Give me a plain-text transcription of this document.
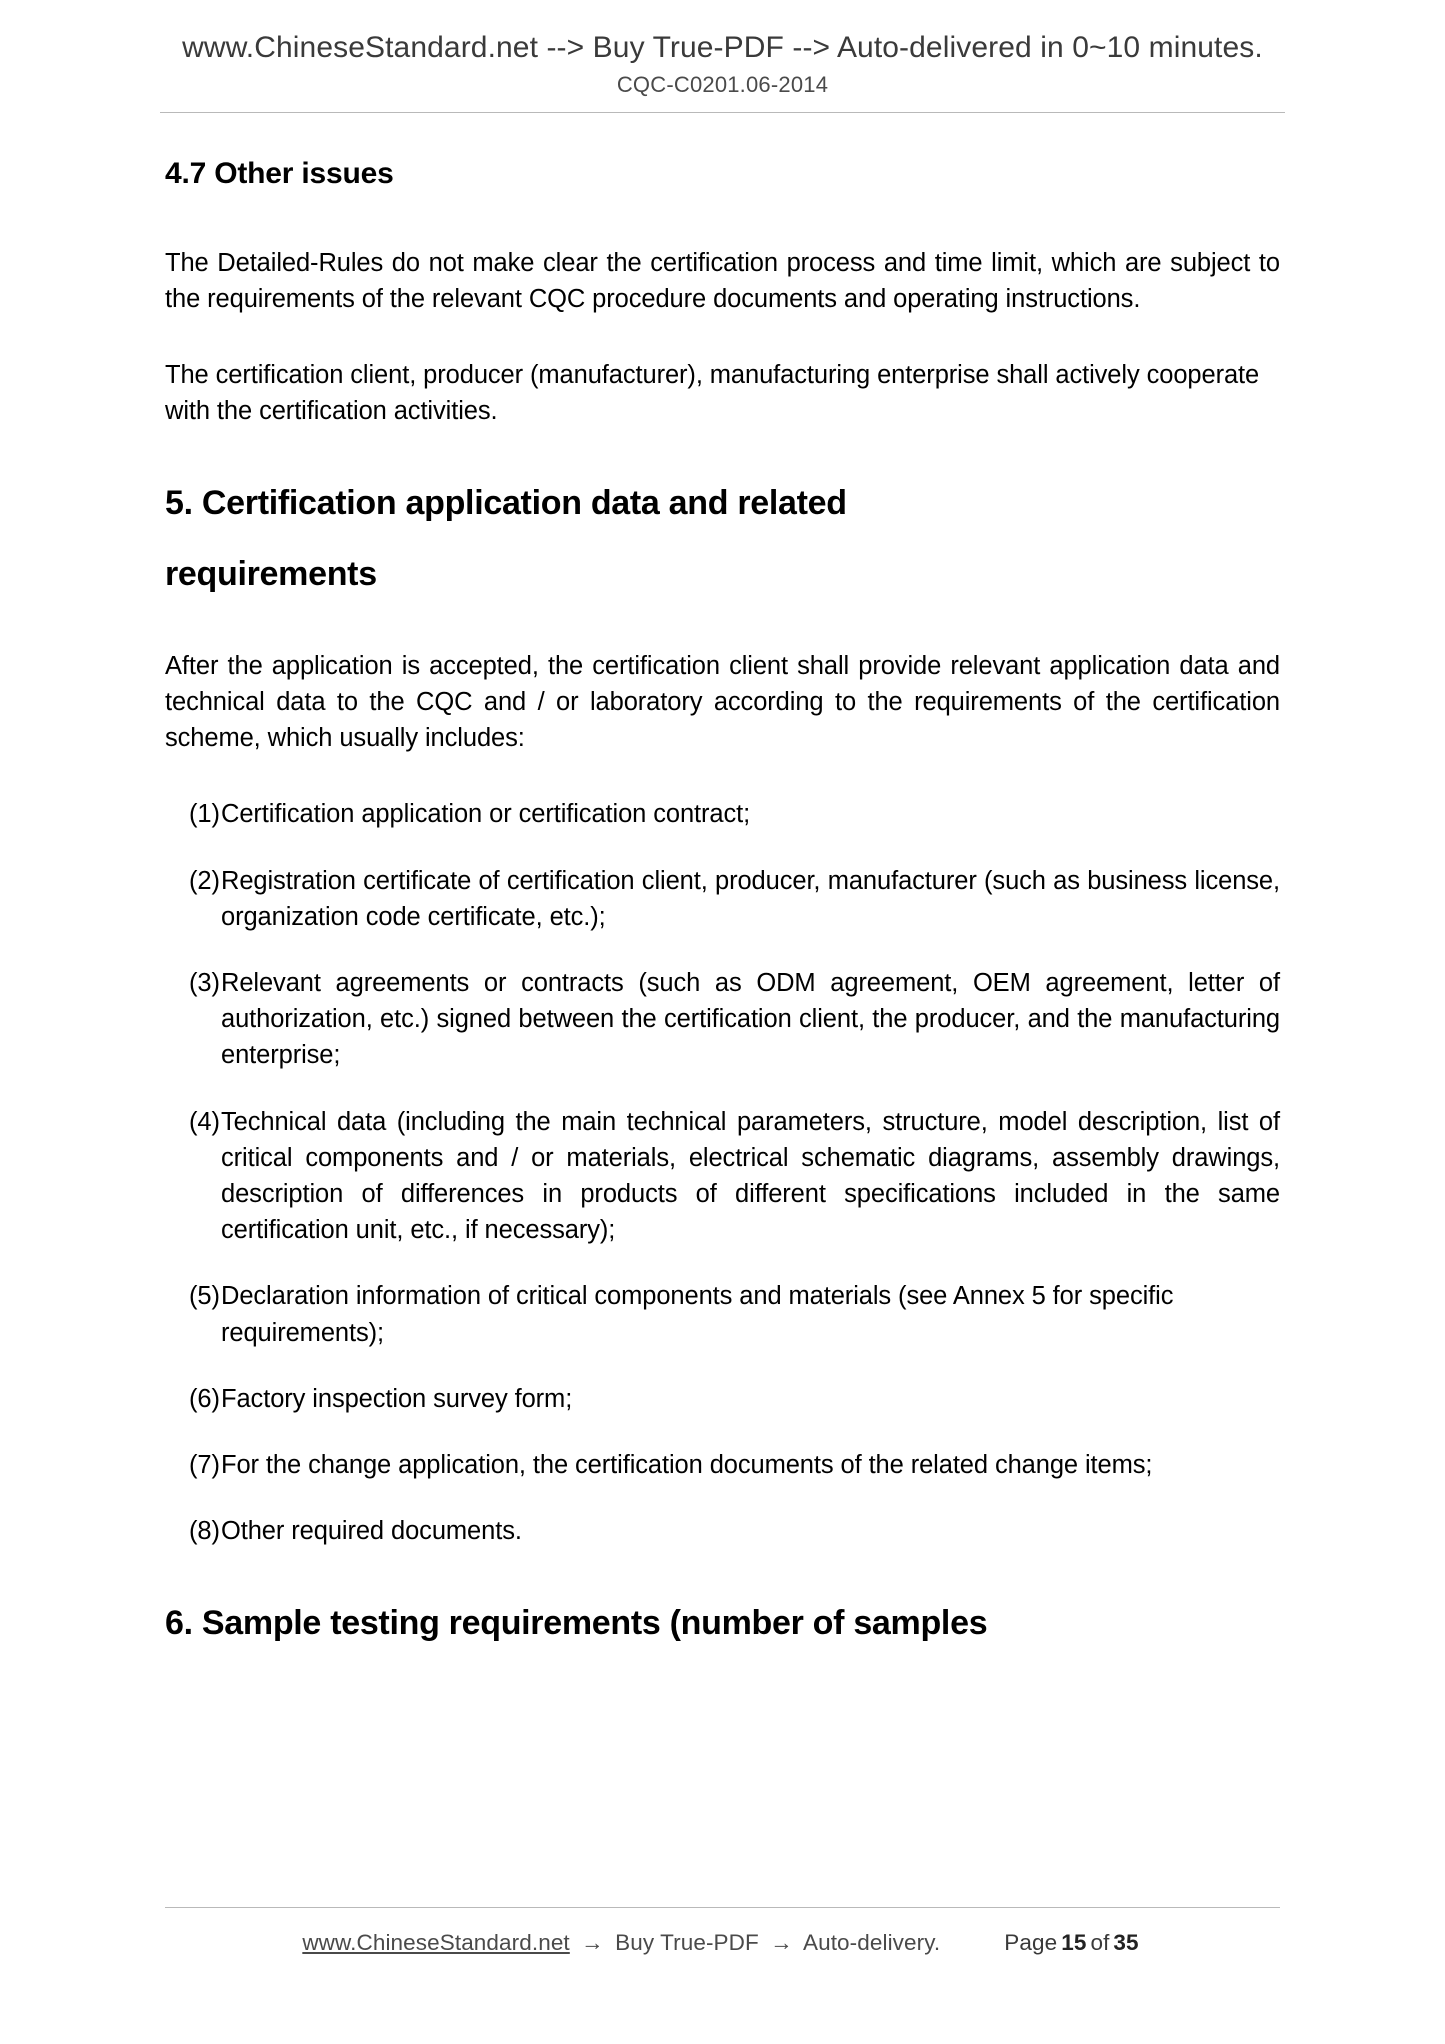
www.ChineseStandard.net --> Buy True-PDF --> Auto-delivered in 0~10 minutes.
CQC-C0201.06-2014
4.7 Other issues

The Detailed-Rules do not make clear the certification process and time limit, which are subject to the requirements of the relevant CQC procedure documents and operating instructions.

The certification client, producer (manufacturer), manufacturing enterprise shall actively cooperate with the certification activities.

5. Certification application data and related
requirements

After the application is accepted, the certification client shall provide relevant application data and technical data to the CQC and / or laboratory according to the requirements of the certification scheme, which usually includes:

(1) Certification application or certification contract;
(2) Registration certificate of certification client, producer, manufacturer (such as business license, organization code certificate, etc.);
(3) Relevant agreements or contracts (such as ODM agreement, OEM agreement, letter of authorization, etc.) signed between the certification client, the producer, and the manufacturing enterprise;
(4) Technical data (including the main technical parameters, structure, model description, list of critical components and / or materials, electrical schematic diagrams, assembly drawings, description of differences in products of different specifications included in the same certification unit, etc., if necessary);
(5) Declaration information of critical components and materials (see Annex 5 for specific requirements);
(6) Factory inspection survey form;
(7) For the change application, the certification documents of the related change items;
(8) Other required documents.
6. Sample testing requirements (number of samples
www.ChineseStandard.net → Buy True-PDF → Auto-delivery.	Page 15 of 35
